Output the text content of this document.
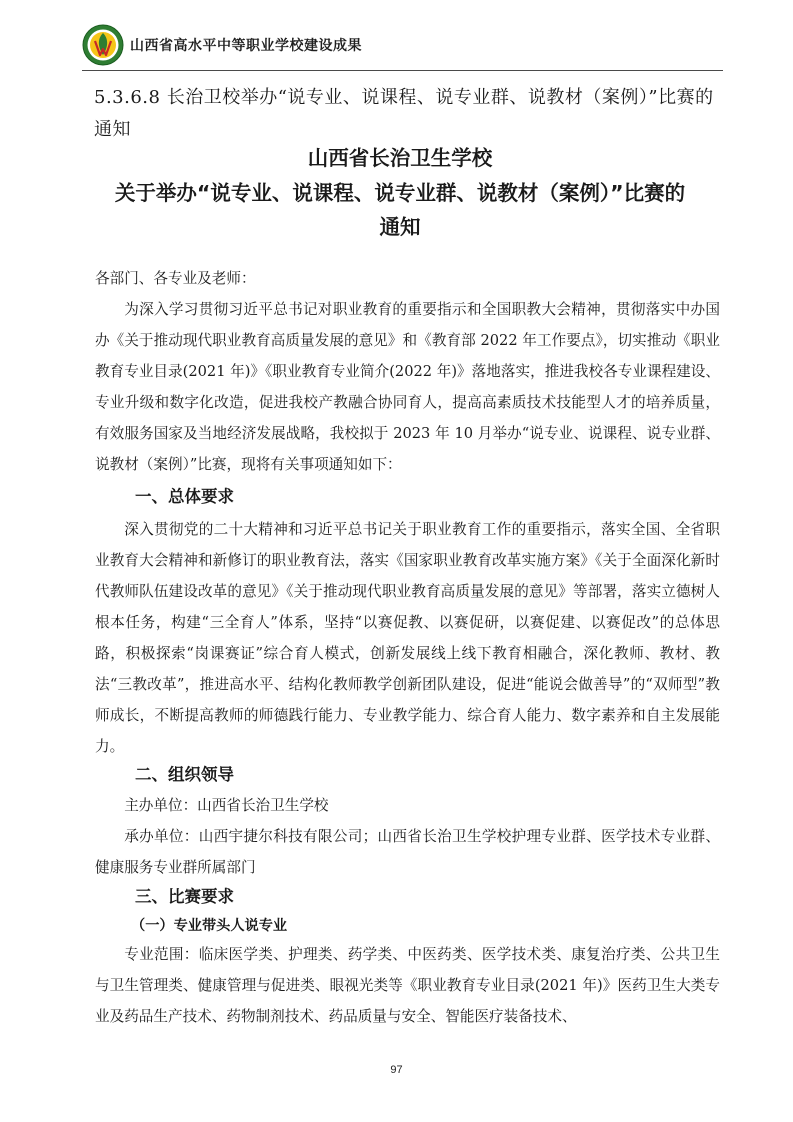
山西省高水平中等职业学校建设成果
5.3.6.8 长治卫校举办“说专业、说课程、说专业群、说教材（案例）”比赛的通知
山西省长治卫生学校
关于举办“说专业、说课程、说专业群、说教材（案例）”比赛的
通知

各部门、各专业及老师：

为深入学习贯彻习近平总书记对职业教育的重要指示和全国职教大会精神，贯彻落实中办国办《关于推动现代职业教育高质量发展的意见》和《教育部 2022 年工作要点》，切实推动《职业教育专业目录(2021 年)》《职业教育专业简介(2022 年)》落地落实，推进我校各专业课程建设、专业升级和数字化改造，促进我校产教融合协同育人，提高高素质技术技能型人才的培养质量，有效服务国家及当地经济发展战略，我校拟于 2023 年 10 月举办“说专业、说课程、说专业群、说教材（案例）”比赛，现将有关事项通知如下：

一、总体要求

深入贯彻党的二十大精神和习近平总书记关于职业教育工作的重要指示，落实全国、全省职业教育大会精神和新修订的职业教育法，落实《国家职业教育改革实施方案》《关于全面深化新时代教师队伍建设改革的意见》《关于推动现代职业教育高质量发展的意见》等部署，落实立德树人根本任务，构建“三全育人”体系，坚持“以赛促教、以赛促研，以赛促建、以赛促改”的总体思路，积极探索“岗课赛证”综合育人模式，创新发展线上线下教育相融合，深化教师、教材、教法“三教改革”，推进高水平、结构化教师教学创新团队建设，促进“能说会做善导”的“双师型”教师成长，不断提高教师的师德践行能力、专业教学能力、综合育人能力、数字素养和自主发展能力。

二、组织领导

主办单位：山西省长治卫生学校

承办单位：山西宇捷尔科技有限公司；山西省长治卫生学校护理专业群、医学技术专业群、健康服务专业群所属部门

三、比赛要求
（一）专业带头人说专业

专业范围：临床医学类、护理类、药学类、中医药类、医学技术类、康复治疗类、公共卫生与卫生管理类、健康管理与促进类、眼视光类等《职业教育专业目录(2021 年)》医药卫生大类专业及药品生产技术、药物制剂技术、药品质量与安全、智能医疗装备技术、

97
